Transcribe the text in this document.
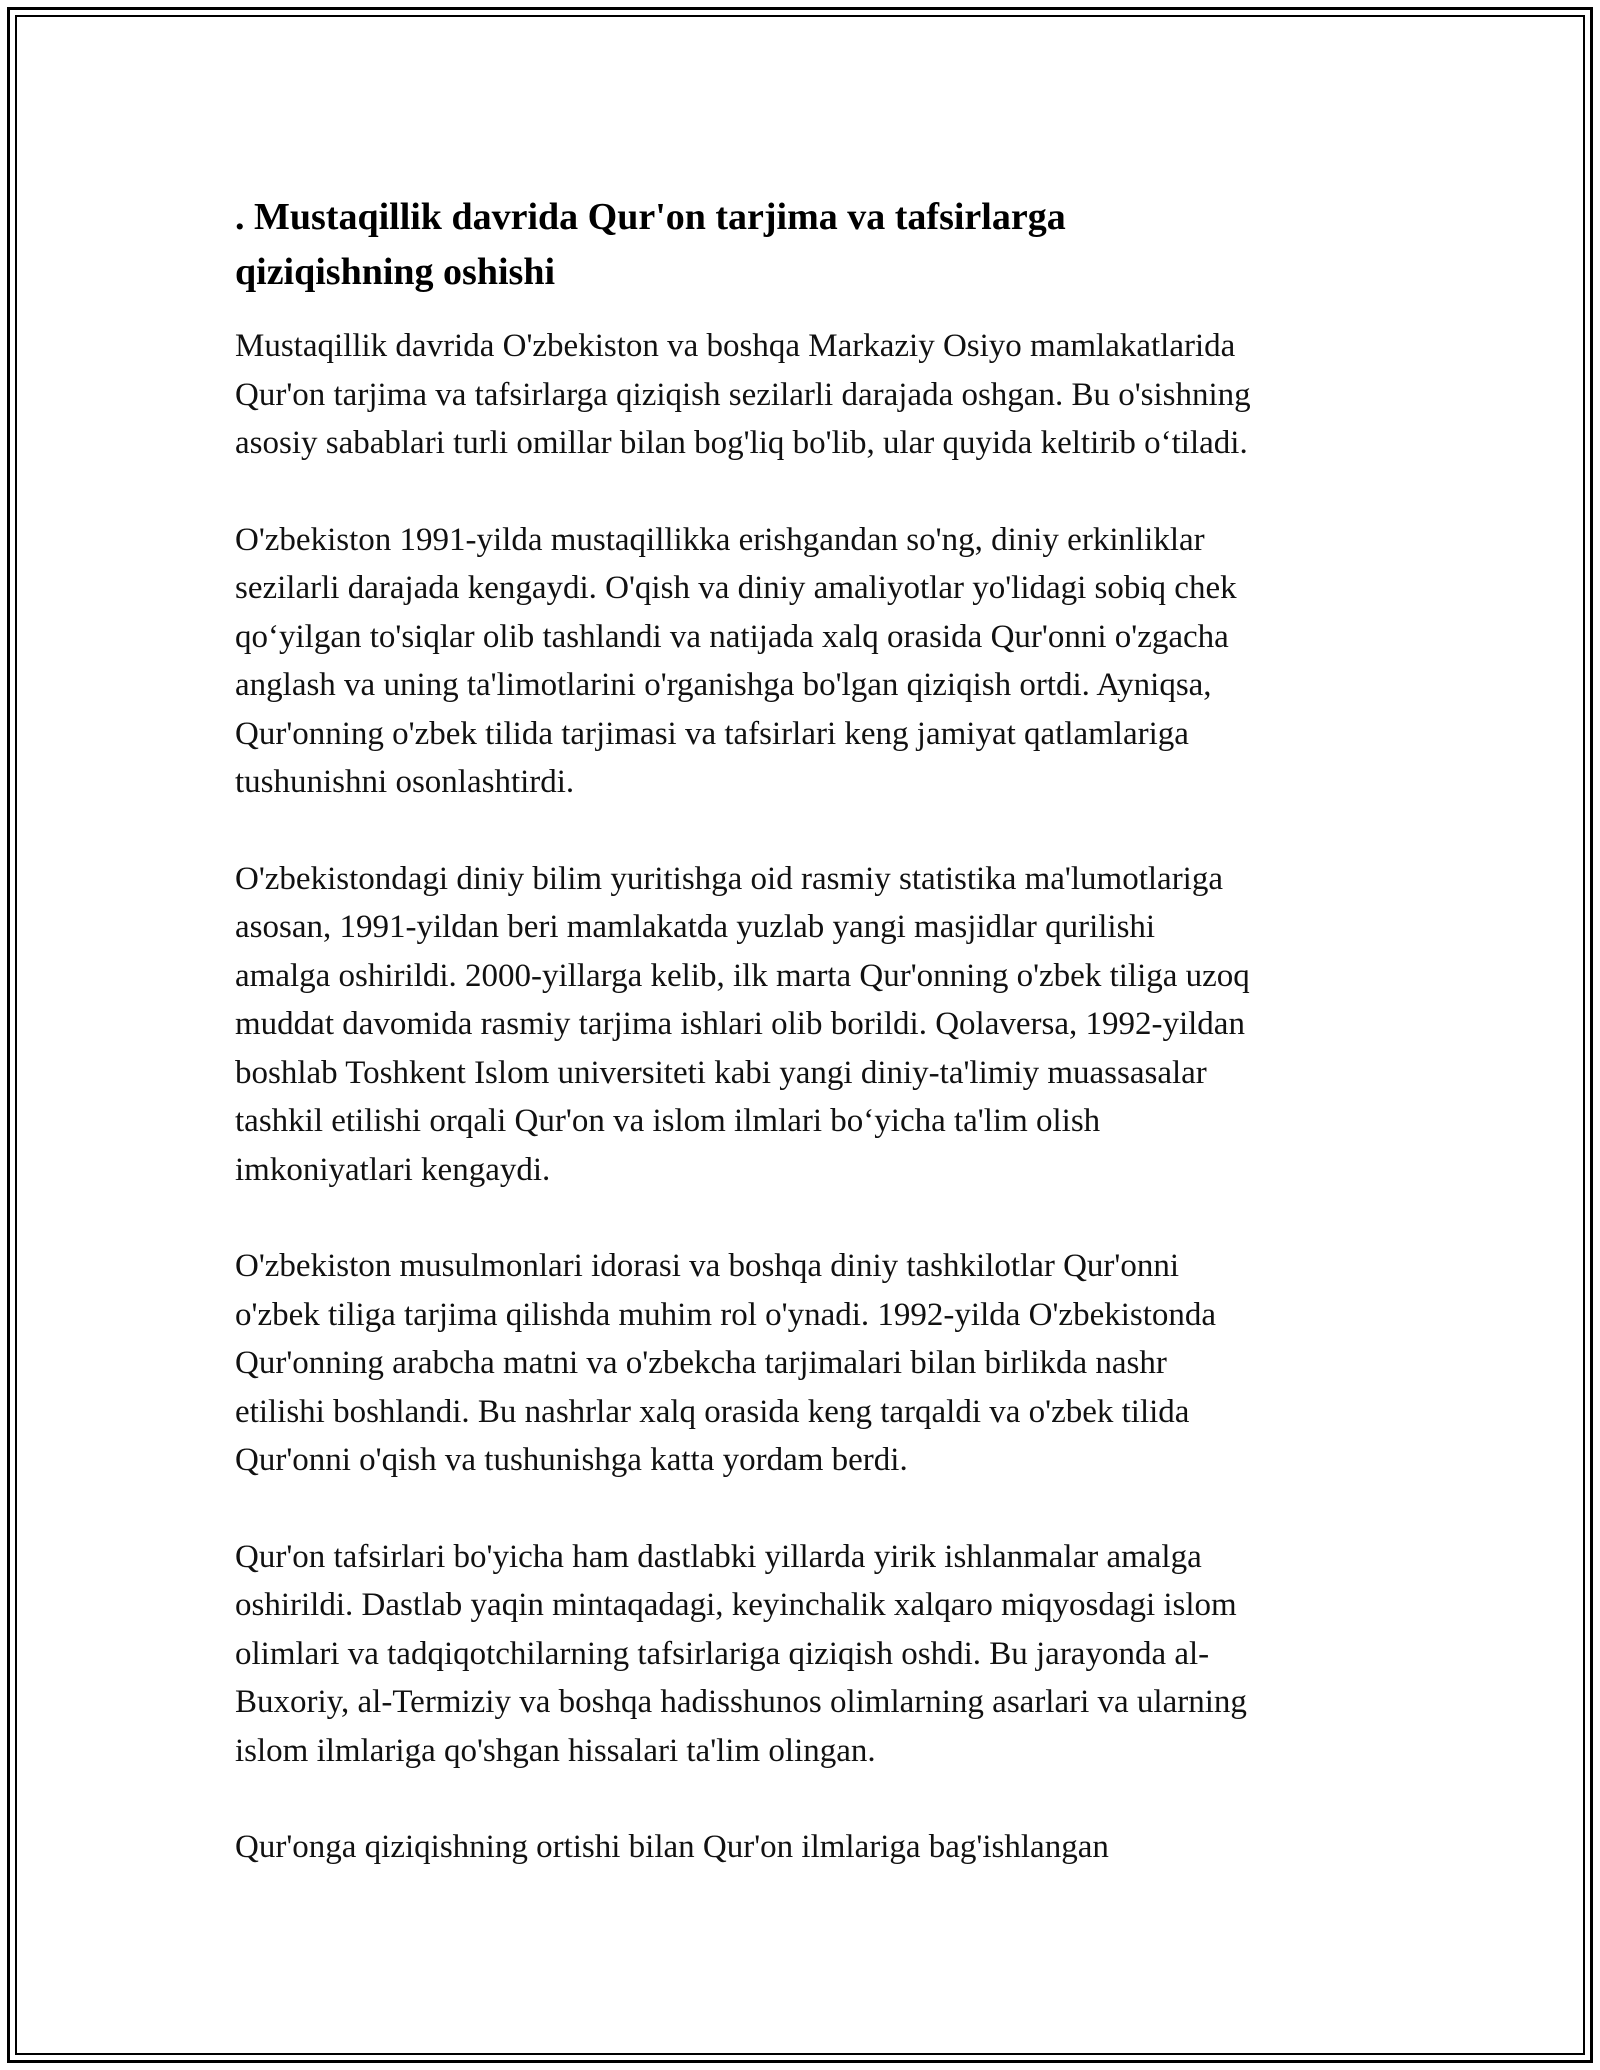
. Mustaqillik davrida Qur'on tarjima va tafsirlarga
qiziqishning oshishi

Mustaqillik davrida O'zbekiston va boshqa Markaziy Osiyo mamlakatlarida
Qur'on tarjima va tafsirlarga qiziqish sezilarli darajada oshgan. Bu o'sishning
asosiy sabablari turli omillar bilan bog'liq bo'lib, ular quyida keltirib o‘tiladi.

O'zbekiston 1991-yilda mustaqillikka erishgandan so'ng, diniy erkinliklar
sezilarli darajada kengaydi. O'qish va diniy amaliyotlar yo'lidagi sobiq chek
qo‘yilgan to'siqlar olib tashlandi va natijada xalq orasida Qur'onni o'zgacha
anglash va uning ta'limotlarini o'rganishga bo'lgan qiziqish ortdi. Ayniqsa,
Qur'onning o'zbek tilida tarjimasi va tafsirlari keng jamiyat qatlamlariga
tushunishni osonlashtirdi.

O'zbekistondagi diniy bilim yuritishga oid rasmiy statistika ma'lumotlariga
asosan, 1991-yildan beri mamlakatda yuzlab yangi masjidlar qurilishi
amalga oshirildi. 2000-yillarga kelib, ilk marta Qur'onning o'zbek tiliga uzoq
muddat davomida rasmiy tarjima ishlari olib borildi. Qolaversa, 1992-yildan
boshlab Toshkent Islom universiteti kabi yangi diniy-ta'limiy muassasalar
tashkil etilishi orqali Qur'on va islom ilmlari bo‘yicha ta'lim olish
imkoniyatlari kengaydi.

O'zbekiston musulmonlari idorasi va boshqa diniy tashkilotlar Qur'onni
o'zbek tiliga tarjima qilishda muhim rol o'ynadi. 1992-yilda O'zbekistonda
Qur'onning arabcha matni va o'zbekcha tarjimalari bilan birlikda nashr
etilishi boshlandi. Bu nashrlar xalq orasida keng tarqaldi va o'zbek tilida
Qur'onni o'qish va tushunishga katta yordam berdi.

Qur'on tafsirlari bo'yicha ham dastlabki yillarda yirik ishlanmalar amalga
oshirildi. Dastlab yaqin mintaqadagi, keyinchalik xalqaro miqyosdagi islom
olimlari va tadqiqotchilarning tafsirlariga qiziqish oshdi. Bu jarayonda al-
Buxoriy, al-Termiziy va boshqa hadisshunos olimlarning asarlari va ularning
islom ilmlariga qo'shgan hissalari ta'lim olingan.

Qur'onga qiziqishning ortishi bilan Qur'on ilmlariga bag'ishlangan
